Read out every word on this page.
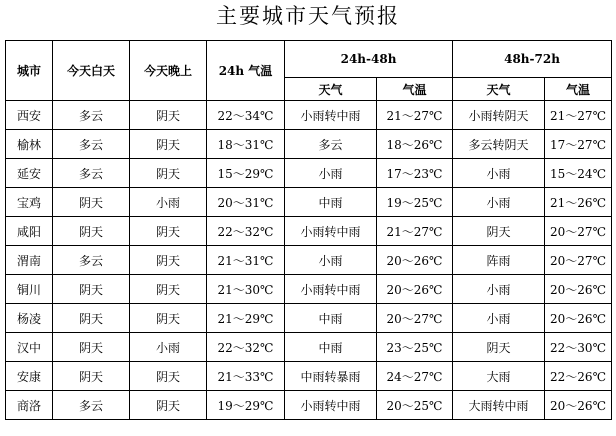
主要城市天气预报
城市	今天白天	今天晚上	24h 气温	24h-48h		48h-72h	
				天气	气温	天气	气温
西安	多云	阴天	22～34℃	小雨转中雨	21～27℃	小雨转阴天	21～27℃
榆林	多云	阴天	18～31℃	多云	18～26℃	多云转阴天	17～27℃
延安	多云	阴天	15～29℃	小雨	17～23℃	小雨	15～24℃
宝鸡	阴天	小雨	20～31℃	中雨	19～25℃	小雨	21～26℃
咸阳	阴天	阴天	22～32℃	小雨转中雨	21～27℃	阴天	20～27℃
渭南	多云	阴天	21～31℃	小雨	20～26℃	阵雨	20～27℃
铜川	阴天	阴天	21～30℃	小雨转中雨	20～26℃	小雨	20～26℃
杨凌	阴天	阴天	21～29℃	中雨	20～27℃	小雨	20～26℃
汉中	阴天	小雨	22～32℃	中雨	23～25℃	阴天	22～30℃
安康	阴天	阴天	21～33℃	中雨转暴雨	24～27℃	大雨	22～26℃
商洛	多云	阴天	19～29℃	小雨转中雨	20～25℃	大雨转中雨	20～26℃
